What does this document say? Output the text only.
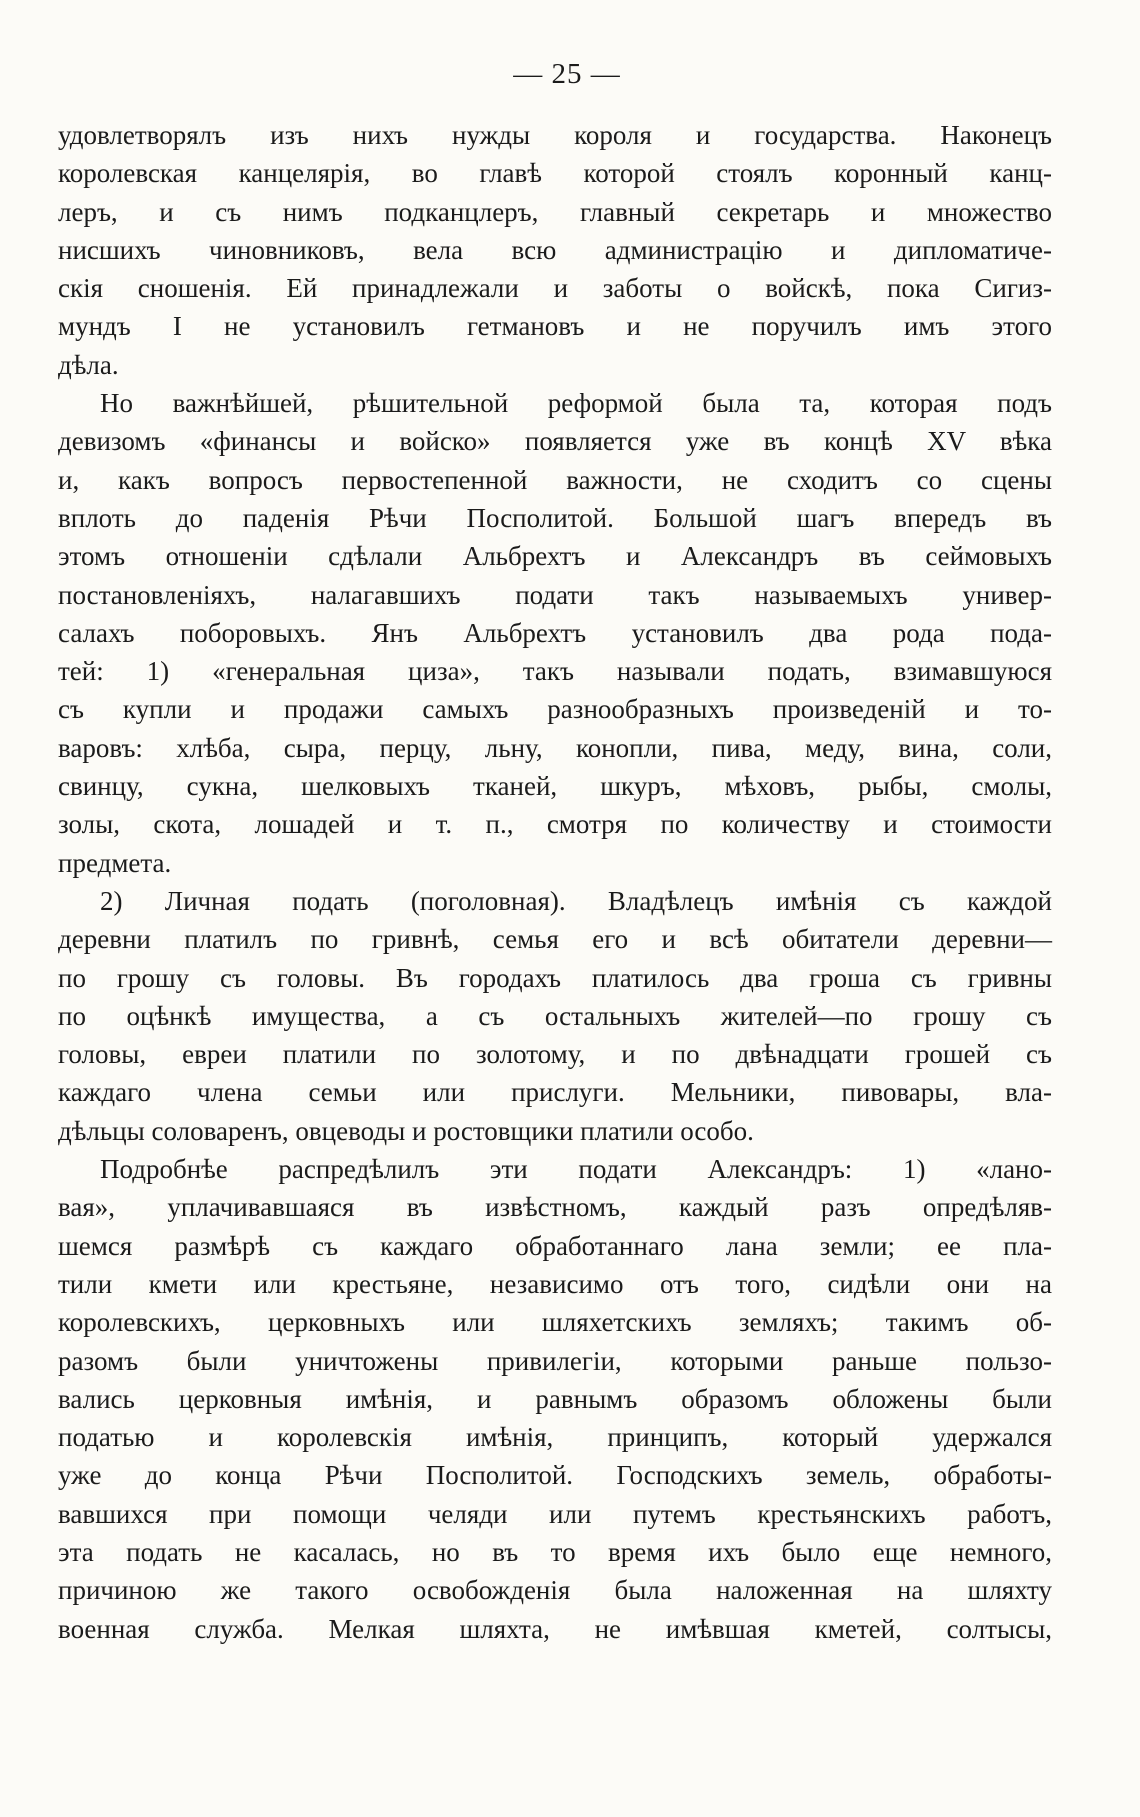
— 25 —
удовлетворялъ изъ нихъ нужды короля и государства. Наконецъ
королевская канцелярія, во главѣ которой стоялъ коронный канц-
леръ, и съ нимъ подканцлеръ, главный секретарь и множество
нисшихъ чиновниковъ, вела всю администрацію и дипломатиче-
скія сношенія. Ей принадлежали и заботы о войскѣ, пока Сигиз-
мундъ I не установилъ гетмановъ и не поручилъ имъ этого
дѣла.
Но важнѣйшей, рѣшительной реформой была та, которая подъ
девизомъ «финансы и войско» появляется уже въ концѣ XV вѣка
и, какъ вопросъ первостепенной важности, не сходитъ со сцены
вплоть до паденія Рѣчи Посполитой. Большой шагъ впередъ въ
этомъ отношеніи сдѣлали Альбрехтъ и Александръ въ сеймовыхъ
постановленіяхъ, налагавшихъ подати такъ называемыхъ унивeр-
салахъ поборовыхъ. Янъ Альбрехтъ установилъ два рода пода-
тей: 1) «генеральная циза», такъ называли подать, взимавшуюся
съ купли и продажи самыхъ разнообразныхъ произведеній и то-
варовъ: хлѣба, сыра, перцу, льну, конопли, пива, меду, вина, соли,
свинцу, сукна, шелковыхъ тканей, шкуръ, мѣховъ, рыбы, смолы,
золы, скота, лошадей и т. п., смотря по количеству и стоимости
предмета.
2) Личная подать (поголовная). Владѣлецъ имѣнія съ каждой
деревни платилъ по гривнѣ, семья его и всѣ обитатели деревни—
по грошу съ головы. Въ городахъ платилось два гроша съ гривны
по оцѣнкѣ имущества, а съ остальныхъ жителей—по грошу съ
головы, евреи платили по золотому, и по двѣнадцати грошей съ
каждаго члена семьи или прислуги. Мельники, пивовары, вла-
дѣльцы соловаренъ, овцеводы и ростовщики платили особо.
Подробнѣе распредѣлилъ эти подати Александръ: 1) «лано-
вая», уплачивавшаяся въ извѣстномъ, каждый разъ опредѣляв-
шемся размѣрѣ съ каждаго обработаннаго лана земли; ее пла-
тили кмети или крестьяне, независимо отъ того, сидѣли они на
королевскихъ, церковныхъ или шляхетскихъ земляхъ; такимъ об-
разомъ были уничтожены привилегіи, которыми раньше пользо-
вались церковныя имѣнія, и равнымъ образомъ обложены были
податью и королевскія имѣнія, принципъ, который удержался
уже до конца Рѣчи Посполитой. Господскихъ земель, обработы-
вавшихся при помощи челяди или путемъ крестьянскихъ работъ,
эта подать не касалась, но въ то время ихъ было еще немного,
причиною же такого освобожденія была наложенная на шляхту
военная служба. Мелкая шляхта, не имѣвшая кметей, солтысы,
